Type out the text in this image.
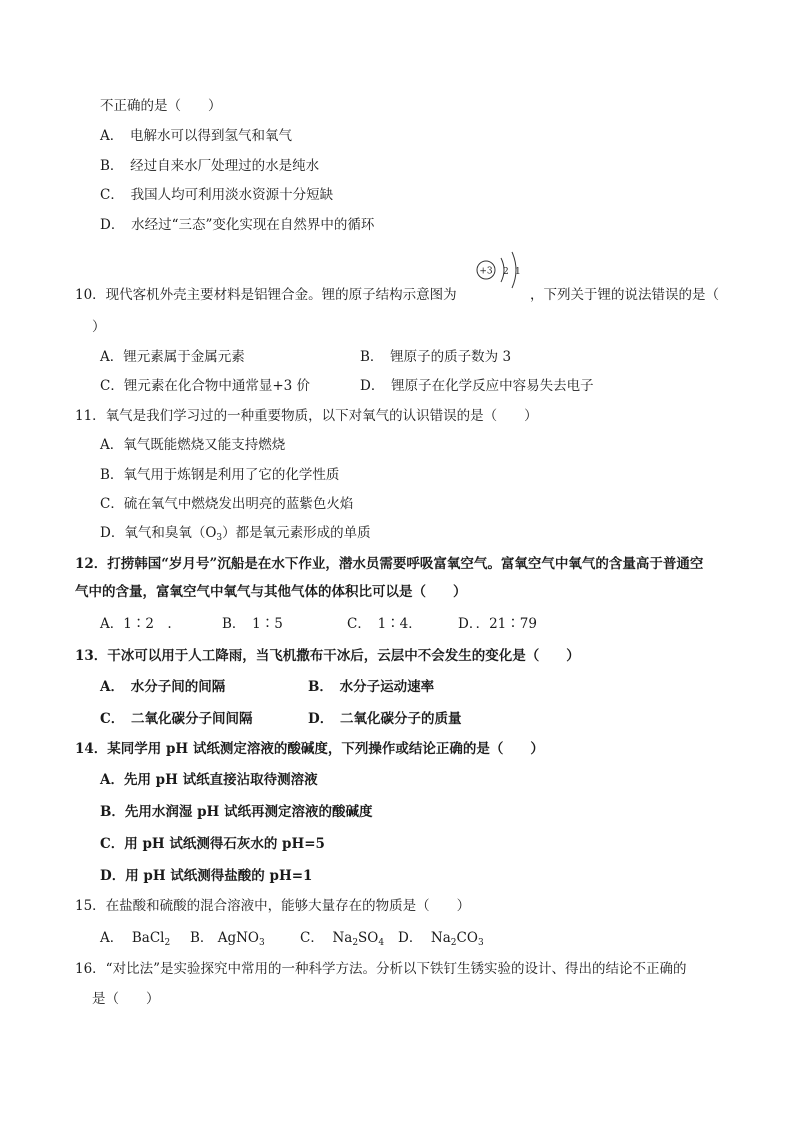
不正确的是（　　）
A．　电解水可以得到氢气和氧气
B．　经过自来水厂处理过的水是纯水
C．　我国人均可利用淡水资源十分短缺
D．　水经过“三态”变化实现在自然界中的循环
10．现代客机外壳主要材料是铝锂合金。锂的原子结构示意图为
+3 2 1
，下列关于锂的说法错误的是（
）
A．锂元素属于金属元素	B．　锂原子的质子数为 3
C．锂元素在化合物中通常显+3 价	D．　锂原子在化学反应中容易失去电子
11．氧气是我们学习过的一种重要物质，以下对氧气的认识错误的是（　　）
A．氧气既能燃烧又能支持燃烧
B．氧气用于炼钢是利用了它的化学性质
C．硫在氧气中燃烧发出明亮的蓝紫色火焰
D．氧气和臭氧$(O_3)$都是氧元素形成的单质
12．打捞韩国“岁月号”沉船是在水下作业，潜水员需要呼吸富氧空气。富氧空气中氧气的含量高于普通空
气中的含量，富氧空气中氧气与其他气体的体积比可以是（　　）
A．1∶2　.	B．　1∶5	C．　1∶4．	D．．21∶79
13．干冰可以用于人工降雨，当飞机撒布干冰后，云层中不会发生的变化是（　　）
A．　水分子间的间隔	B．　水分子运动速率
C．　二氧化碳分子间间隔	D．　二氧化碳分子的质量
14．某同学用 pH 试纸测定溶液的酸碱度，下列操作或结论正确的是（　　）
A．先用 pH 试纸直接沾取待测溶液
B．先用水润湿 pH 试纸再测定溶液的酸碱度
C．用 pH 试纸测得石灰水的 pH=5
D．用 pH 试纸测得盐酸的 pH=1
15．在盐酸和硫酸的混合溶液中，能够大量存在的物质是（　　）
A． BaCl$_2$ B． AgNO$_3$	C． $Na_2SO_4$ D． $Na_2CO_3$
16．“对比法”是实验探究中常用的一种科学方法。分析以下铁钉生锈实验的设计、得出的结论不正确的
是（　　）
